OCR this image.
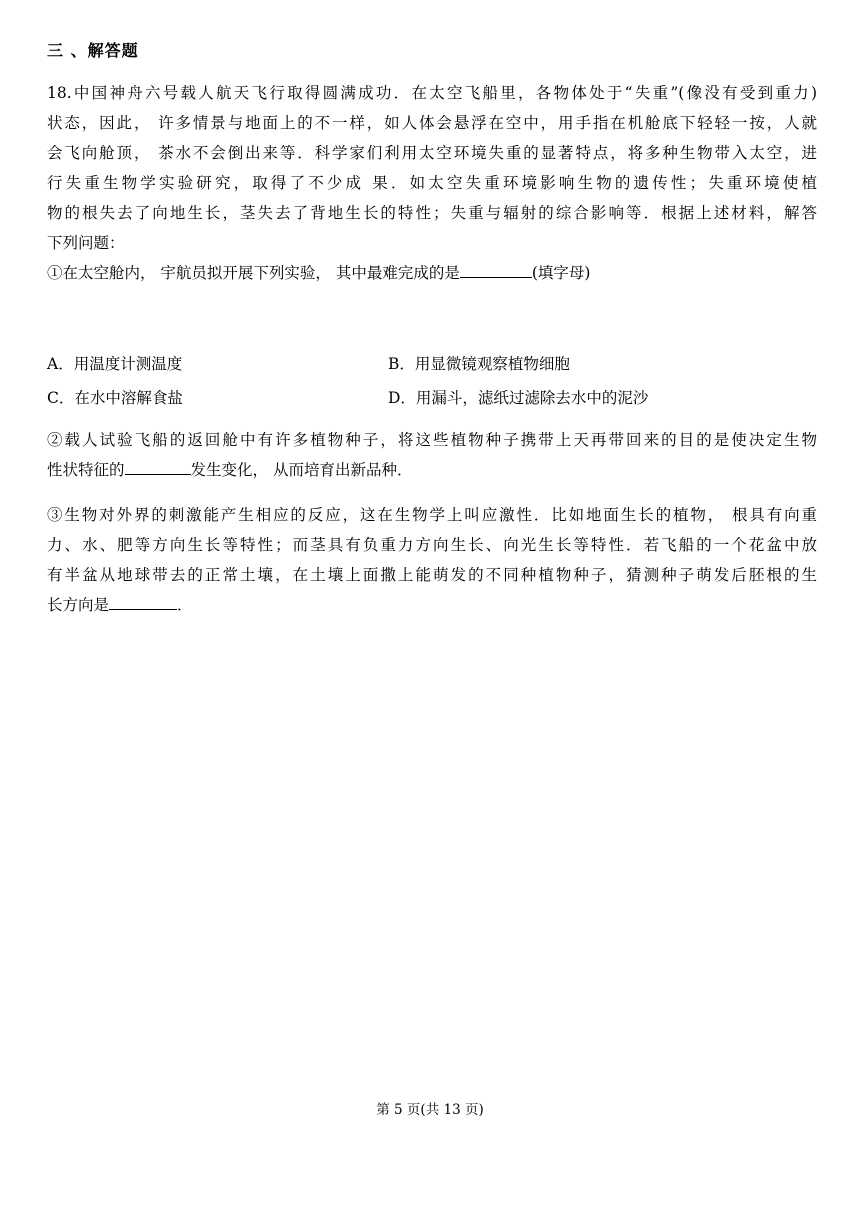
三 、解答题
18.中国神舟六号载人航天飞行取得圆满成功．在太空飞船里，各物体处于“失重”(像没有受到重力)
状态，因此， 许多情景与地面上的不一样，如人体会悬浮在空中，用手指在机舱底下轻轻一按，人就
会飞向舱顶， 茶水不会倒出来等．科学家们利用太空环境失重的显著特点，将多种生物带入太空，进
行失重生物学实验研究，取得了不少成 果．如太空失重环境影响生物的遗传性；失重环境使植
物的根失去了向地生长，茎失去了背地生长的特性；失重与辐射的综合影响等．根据上述材料，解答
下列问题：
①在太空舱内， 宇航员拟开展下列实验， 其中最难完成的是	(填字母)
A．用温度计测温度	B．用显微镜观察植物细胞
C．在水中溶解食盐	D．用漏斗，滤纸过滤除去水中的泥沙
②载人试验飞船的返回舱中有许多植物种子，将这些植物种子携带上天再带回来的目的是使决定生物
性状特征的	发生变化， 从而培育出新品种．
③生物对外界的刺激能产生相应的反应，这在生物学上叫应激性．比如地面生长的植物， 根具有向重
力、水、肥等方向生长等特性；而茎具有负重力方向生长、向光生长等特性．若飞船的一个花盆中放
有半盆从地球带去的正常土壤，在土壤上面撒上能萌发的不同种植物种子，猜测种子萌发后胚根的生
长方向是	．
第 5 页(共 13 页)
